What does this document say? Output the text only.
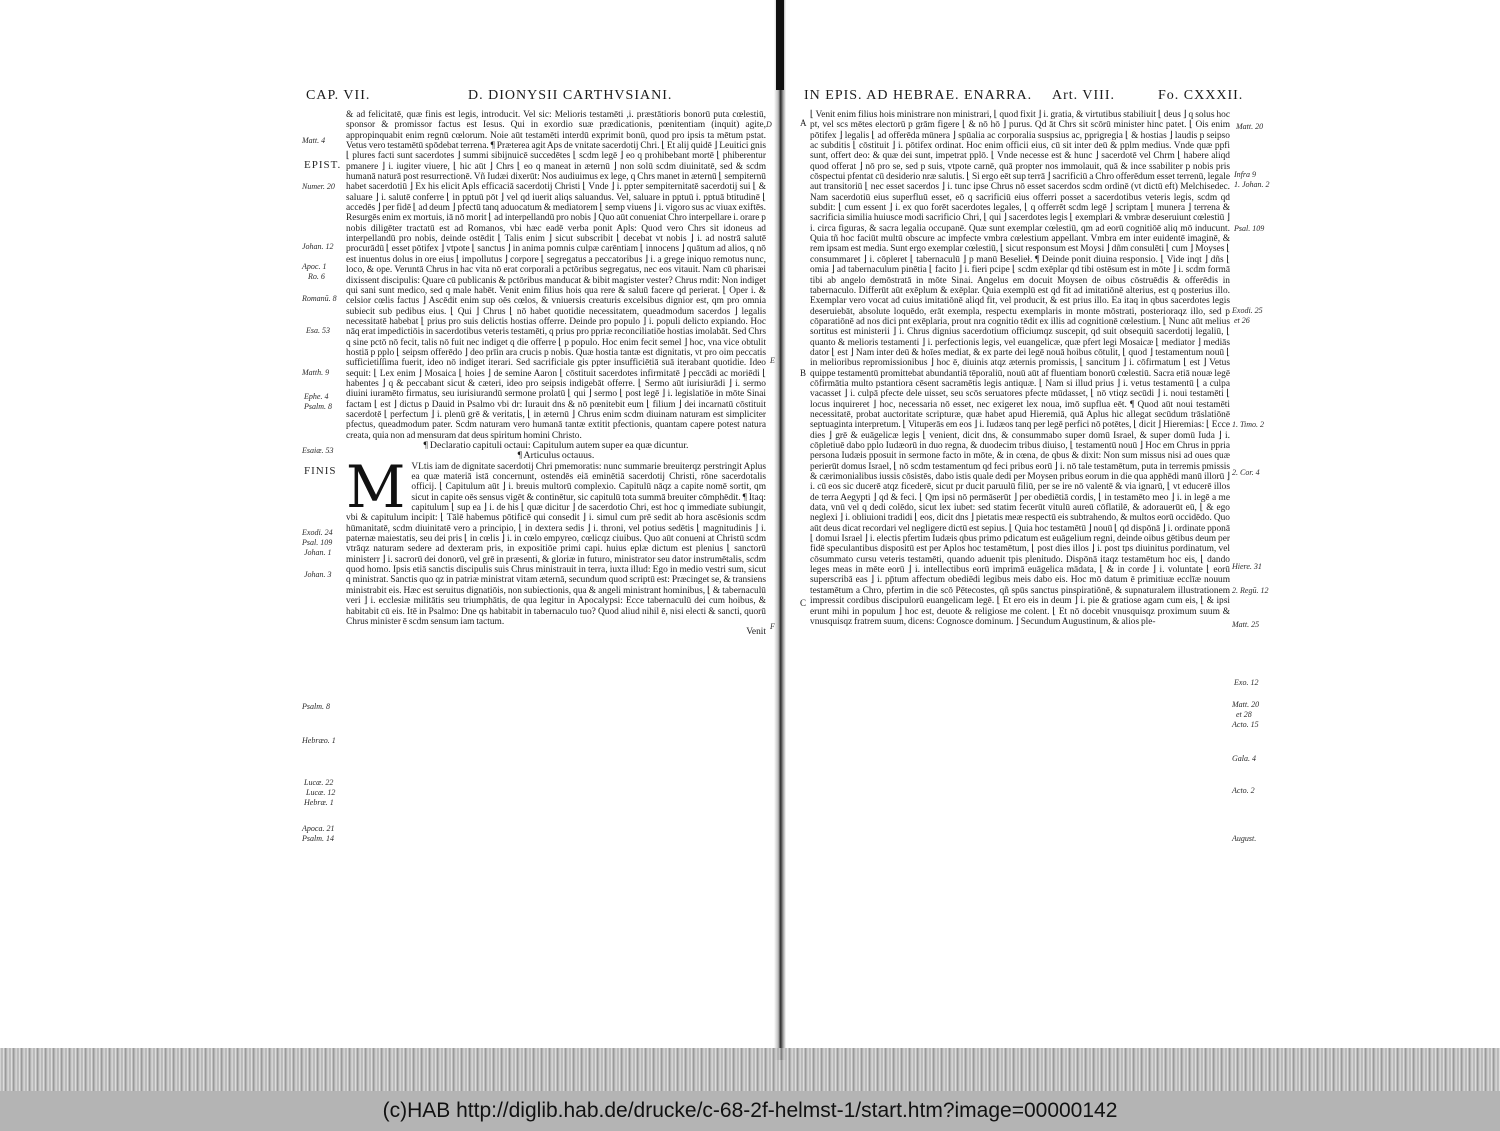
CAP. VII.	D. DIONYSII CARTHVSIANI.
D
Matt. 4
EPIST.
Numer. 20
Johan. 12
Apoc. 1
Ro. 6
Romanū. 8
Esa. 53
E
Matth. 9
Ephe. 4
Psalm. 8
Esaiæ. 53
FINIS
Exodi. 24
Psal. 109
Johan. 1
Johan. 3
F
Psalm. 8
Hebræo. 1
Lucæ. 22
Lucæ. 12
Hebræ. 1
Apoca. 21
Psalm. 14

& ad felicitatē, quæ finis est legis, introducit. Vel sic: Melioris testamēti ,i. præstātioris bonorū puta cœlestiū, sponsor & promissor factus est Iesus. Qui in exordio suæ prædicationis, pœnitentiam (inquit) agite, appropinquabit enim regnū cœlorum. Noie aūt testamēti interdū exprimit bonū, quod pro ipsis ta mētum pstat. Vetus vero testamētū spōdebat terrena. ¶ Præterea agit Aps de vnitate sacerdotij Chri. ⌊ Et alij quidē ⌋ Leuitici gnis ⌊ plures facti sunt sacerdotes ⌋ summi sibijnuicē succedētes ⌊ scdm legē ⌋ eo q prohibebant mortē ⌊ phiberentur pmanere ⌋ i. iugiter viuere, ⌊ hic aūt ⌋ Chrs ⌊ eo q maneat in æternū ⌋ non solū scdm diuinitatē, sed & scdm humanā naturā post resurrectionē. Vñ Iudæi dixerūt: Nos audiuimus ex lege, q Chrs manet in æternū ⌊ sempiternū habet sacerdotiū ⌋ Ex his elicit Apls efficaciā sacerdotij Christi ⌊ Vnde ⌋ i. ppter sempiternitatē sacerdotij sui ⌊ & saluare ⌋ i. salutē conferre ⌊ in pptuū pōt ⌋ vel qd iuerit aliqs saluandus. Vel, saluare in pptuū i. pptuā btitudinē ⌊ accedēs ⌋ per fidē ⌊ ad deum ⌋ pfectū tanq aduocatum & mediatorem ⌊ semp viuens ⌋ i. vigoro sus ac viuax exiftēs. Resurgēs enim ex mortuis, iā nō morit ⌊ ad interpellandū pro nobis ⌋ Quo aūt conueniat Chro interpellare i. orare p nobis diligēter tractatū est ad Romanos, vbi hæc eadē verba ponit Apls: Quod vero Chrs sit idoneus ad interpellandū pro nobis, deinde ostēdit ⌊ Talis enim ⌋ sicut subscribit ⌊ decebat vt nobis ⌋ i. ad nostrā salutē procurādū ⌊ esset pōtifex ⌋ vtpote ⌊ sanctus ⌋ in anima pomnis culpæ carēntiam ⌊ innocens ⌋ quātum ad alios, q nō est inuentus dolus in ore eius ⌊ impollutus ⌋ corpore ⌊ segregatus a peccatoribus ⌋ i. a grege iniquo remotus nunc, loco, & ope. Veruntā Chrus in hac vita nō erat corporali a pctōribus segregatus, nec eos vitauit. Nam cū pharisæi dixissent discipulis: Quare cū publicanis & pctōribus manducat & bibit magister vester? Chrus rndit: Non indiget qui sani sunt medico, sed q male habēt. Venit enim filius hois qua rere & saluū facere qd perierat. ⌊ Oper i. & celsior cœlis factus ⌋ Ascēdit enim sup oēs cœlos, & vniuersis creaturis excelsibus dignior est, qm pro omnia subiecit sub pedibus eius. ⌊ Qui ⌋ Chrus ⌊ nō habet quotidie necessitatem, queadmodum sacerdos ⌋ legalis necessitatē habebat ⌊ prius pro suis delictis hostias offerre. Deinde pro populo ⌋ i. populi delicto expiando. Hoc nāq erat impedictiōis in sacerdotibus veteris testamēti, q prius pro ppriæ reconciliatiōe hostias imolabāt. Sed Chrs q sine pctō nō fecit, talis nō fuit nec indiget q die offerre ⌊ p populo. Hoc enim fecit semel ⌋ hoc, vna vice obtulit hostiā p pplo ⌊ seipsm offerēdo ⌋ deo prīin ara crucis p nobis. Quæ hostia tantæ est dignitatis, vt pro oim peccatis sufficietiſſima fuerit, ideo nō indiget iterari. Sed sacrificiale gis ppter insufficiētiā suā iterabant quotidie. Ideo sequit: ⌊ Lex enim ⌋ Mosaica ⌊ hoies ⌋ de semine Aaron ⌊ cōstituit sacerdotes infirmitatē ⌋ peccādi ac moriēdi ⌊ habentes ⌋ q & peccabant sicut & cæteri, ideo pro seipsis indigebāt offerre. ⌊ Sermo aūt iurisiurādi ⌋ i. sermo diuini iuramēto firmatus, seu iurisiurandū sermone prolatū ⌊ qui ⌋ sermo ⌊ post legē ⌋ i. legislatiōe in mōte Sinai factam ⌊ est ⌋ dictus p Dauid in Psalmo vbi dr: Iurauit dns & nō pœnitebit eum ⌊ filium ⌋ dei incarnatū cōstituit sacerdotē ⌊ perfectum ⌋ i. plenū grē & veritatis, ⌊ in æternū ⌋ Chrus enim scdm diuinam naturam est simpliciter pfectus, queadmodum pater. Scdm naturam vero humanā tantæ extitit pfectionis, quantam capere potest natura creata, quia non ad mensuram dat deus spiritum homini Christo.

¶ Declaratio capituli octaui: Capitulum autem super ea quæ dicuntur.

¶ Articulus octauus.

M VLtis iam de dignitate sacerdotij Chri pmemoratis: nunc summarie breuiterqz perstringit Aplus ea quæ materiā istā concernunt, ostendēs eiā eminētiā sacerdotij Christi, rōne sacerdotalis officij. ⌊ Capitulum aūt ⌋ i. breuis multorū complexio. Capitulū nāqz a capite nomē sortit, qm sicut in capite oēs sensus vigēt & continētur, sic capitulū tota summā breuiter cōmphēdit. ¶ Itaq: capitulum ⌊ sup ea ⌋ i. de his ⌊ quæ dicitur ⌋ de sacerdotio Chri, est hoc q immediate subiungit, vbi & capitulum incipit: ⌊ Tālē habemus pōtificē qui consedit ⌋ i. simul cum prē sedit ab hora ascēsionis scdm hūmanitatē, scdm diuinitatē vero a principio, ⌊ in dextera sedis ⌋ i. throni, vel potius sedētis ⌊ magnitudinis ⌋ i. paternæ maiestatis, seu dei pris ⌊ in cœlis ⌋ i. in cœlo empyreo, cœlicqz ciuibus. Quo aūt conueni at Christū scdm vtrāqz naturam sedere ad dexteram pris, in expositiōe primi capi. huius eplæ dictum est plenius ⌊ sanctorū ministerr ⌋ i. sacrorū dei donorū, vel grē in præsenti, & gloriæ in futuro, ministrator seu dator instrumētalis, scdm quod homo. Ipsis etiā sanctis discipulis suis Chrus ministrauit in terra, iuxta illud: Ego in medio vestri sum, sicut q ministrat. Sanctis quo qz in patriæ ministrat vitam æternā, secundum quod scriptū est: Præcinget se, & transiens ministrabit eis. Hæc est seruitus dignatiōis, non subiectionis, qua & angeli ministrant hominibus, ⌊ & tabernaculū veri ⌋ i. ecclesiæ militātis seu triumphātis, de qua legitur in Apocalypsi: Ecce tabernaculū dei cum hoibus, & habitabit cū eis. Itē in Psalmo: Dne qs habitabit in tabernaculo tuo? Quod aliud nihil ē, nisi electi & sancti, quorū Chrus minister ē scdm sensum iam tactum.

Venit

IN EPIS. AD HEBRAE. ENARRA. Art. VIII.	Fo. CXXXII.
A
B
C
Matt. 20
Infra 9
1. Johan. 2
Psal. 109
Exodi. 25
et 26
1. Timo. 2
2. Cor. 4
Hiere. 31
2. Regū. 12
Matt. 25
Exo. 12
Matt. 20
et 28
Acto. 15
Gala. 4
Acto. 2
August.

⌊ Venit enim filius hois ministrare non ministrari, ⌊ quod fixit ⌋ i. gratia, & virtutibus stabiliuit ⌊ deus ⌋ q solus hoc pt, vel scs mētes electorū p grām figere ⌊ & nō hō ⌋ purus. Qd āt Chrs sit scōrū minister hinc patet. ⌊ Ois enim pōtifex ⌋ legalis ⌊ ad offerēda mūnera ⌋ spūalia ac corporalia suspsius ac, pprigregia ⌊ & hostias ⌋ laudis p seipso ac subditis ⌊ cōstituit ⌋ i. pōtifex ordinat. Hoc enim officii eius, cū sit inter deū & pplm medius. Vnde quæ ppfi sunt, offert deo: & quæ dei sunt, impetrat pplō. ⌊ Vnde necesse est & hunc ⌋ sacerdotē vel Chrm ⌊ habere aliqd quod offerat ⌋ nō pro se, sed p suis, vtpote carnē, quā propter nos immolauit, quā & ince ssabiliter p nobis pris cōspectui pfentat cū desiderio nræ salutis. ⌊ Si ergo eēt sup terrā ⌋ sacrificiū a Chro offerēdum esset terrenū, legale aut transitoriū ⌊ nec esset sacerdos ⌋ i. tunc ipse Chrus nō esset sacerdos scdm ordinē (vt dictū eft) Melchisedec. Nam sacerdotiū eius superfluū esset, eō q sacrificiū eius offerri posset a sacerdotibus veteris legis, scdm qd subdit: ⌊ cum essent ⌋ i. ex quo forēt sacerdotes legales, ⌊ q offerrēt scdm legē ⌋ scriptam ⌊ munera ⌋ terrena & sacrificia similia huiusce modi sacrificio Chri, ⌊ qui ⌋ sacerdotes legis ⌊ exemplari & vmbræ deseruiunt cœlestiū ⌋ i. circa figuras, & sacra legalia occupanē. Quæ sunt exemplar cœlestiū, qm ad eorū cognitiōē aliq mō inducunt. Quia tñ hoc faciūt multū obscure ac impfecte vmbra cœlestium appellant. Vmbra em inter euidentē imaginē, & rem ipsam est media. Sunt ergo exemplar cœlestiū, ⌊ sicut responsum est Moysi ⌋ dñm consulēti ⌊ cum ⌋ Moyses ⌊ consummaret ⌋ i. cōpleret ⌊ tabernaculū ⌋ p manū Beselieł. ¶ Deinde ponit diuina responsio. ⌊ Vide inqt ⌋ dñs ⌊ omia ⌋ ad tabernaculum pinētia ⌊ facito ⌋ i. fieri pcipe ⌊ scdm exēplar qd tibi ostēsum est in mōte ⌋ i. scdm formā tibi ab angelo demōstratā in mōte Sinai. Angelus em docuit Moysen de oibus cōstruēdis & offerēdis in tabernaculo. Differūt aūt exēplum & exēplar. Quia exemplū est qd fit ad imitatiōnē alterius, est q posterius illo. Exemplar vero vocat ad cuius imitatiōnē aliqd fit, vel producit, & est prius illo. Ea itaq in qbus sacerdotes legis deseruiebāt, absolute loquēdo, erāt exempla, respectu exemplaris in monte mōstrati, posterioraqz illo, sed p cōparatiōnē ad nos dici pnt exēplaria, prout nra cognitio tēdit ex illis ad cognitionē cœlestium. ⌊ Nunc aūt melius sortitus est ministerii ⌋ i. Chrus dignius sacerdotium officiumqz suscepit, qd suit obsequiū sacerdotij legaliū, ⌊ quanto & melioris testamenti ⌋ i. perfectionis legis, vel euangelicæ, quæ pfert legi Mosaicæ ⌊ mediator ⌋ mediās dator ⌊ est ⌋ Nam inter deū & hoīes mediat, & ex parte dei legē nouā hoibus cōtulit, ⌊ quod ⌋ testamentum nouū ⌊ in melioribus repromissionibus ⌋ hoc ē, diuinis atqz æternis promissis, ⌊ sancitum ⌋ i. cōfirmatum ⌊ est ⌋ Vetus quippe testamentū promittebat abundantiā tēporaliū, nouū aūt af fluentiam bonorū cœlestiū. Sacra etiā nouæ legē cōfirmātia multo pstantiora cēsent sacramētis legis antiquæ. ⌊ Nam si illud prius ⌋ i. vetus testamentū ⌊ a culpa vacasset ⌋ i. culpā pfecte dele uisset, seu scōs seruatores pfecte mūdasset, ⌊ nō vtiqz secūdi ⌋ i. noui testamēti ⌊ locus inquireret ⌋ hoc, necessaria nō esset, nec exigeret lex noua, imō supflua eēt. ¶ Quod aūt noui testamēti necessitatē, probat auctoritate scripturæ, quæ habet apud Hieremiā, quā Aplus hic allegat secūdum trāslatiōnē septuaginta interpretum. ⌊ Vituperās em eos ⌋ i. Iudæos tanq per legē perfici nō potētes, ⌊ dicit ⌋ Hieremias: ⌊ Ecce dies ⌋ grē & euāgelicæ legis ⌊ venient, dicit dns, & consummabo super domū Israel, & super domū Iuda ⌋ i. cōpletiuē dabo pplo Iudæorū in duo regna, & duodecim tribus diuiso, ⌊ testamentū nouū ⌋ Hoc em Chrus in ppria persona Iudæis pposuit in sermone facto in mōte, & in cœna, de qbus & dixit: Non sum missus nisi ad oues quæ perierūt domus Israel, ⌊ nō scdm testamentum qd feci pribus eorū ⌋ i. nō tale testamētum, puta in terremis pmissis & cærimonialibus iussis cōsistēs, dabo istis quale dedi per Moysen pribus eorum in die qua apphēdi manū illorū ⌋ i. cū eos sic ducerē atqz ficederē, sicut pr ducit paruulū filiū, per se ire nō valentē & via ignarū, ⌊ vt educerē illos de terra Aegypti ⌋ qd & feci. ⌊ Qm ipsi nō permāserūt ⌋ per obediētiā cordis, ⌊ in testamēto meo ⌋ i. in legē a me data, vnū vel q dedi colēdo, sicut lex iubet: sed statim fecerūt vitulū aureū cōflatilē, & adorauerūt eū, ⌊ & ego neglexi ⌋ i. obliuioni tradidi ⌊ eos, dicit dns ⌋ pietatis meæ respectū eis subtrahendo, & multos eorū occidēdo. Quo aūt deus dicat recordari vel negligere dictū est sepius. ⌊ Quia hoc testamētū ⌋ nouū ⌊ qd dispōnā ⌋ i. ordinate pponā ⌊ domui Israel ⌋ i. electis pfertim Iudæis qbus primo pdicatum est euāgelium regni, deinde oibus gētibus deum per fidē speculantibus dispositū est per Aplos hoc testamētum, ⌊ post dies illos ⌋ i. post tps diuinitus pordinatum, vel cōsummato cursu veteris testamēti, quando aduenit tpis plenitudo. Dispōnā itaqz testamētum hoc eis, ⌊ dando leges meas in mēte eorū ⌋ i. intellectibus eorū imprimā euāgelica mādata, ⌊ & in corde ⌋ i. voluntate ⌊ eorū superscribā eas ⌋ i. pp̄tum affectum obediēdi legibus meis dabo eis. Hoc mō datum ē primitiuæ ecclīæ nouum testamētum a Chro, pfertim in die scō Pētecostes, qñ spūs sanctus pinspiratiōnē, & supnaturalem illustrationem impressit cordibus discipulorū euangelicam legē. ⌊ Et ero eis in deum ⌋ i. pie & gratiose agam cum eis, ⌊ & ipsi erunt mihi in populum ⌋ hoc est, deuote & religiose me colent. ⌊ Et nō docebit vnusquisqz proximum suum & vnusquisqz fratrem suum, dicens: Cognosce dominum. ⌋ Secundum Augustinum, & alios ple-

(c)HAB http://diglib.hab.de/drucke/c-68-2f-helmst-1/start.htm?image=00000142
